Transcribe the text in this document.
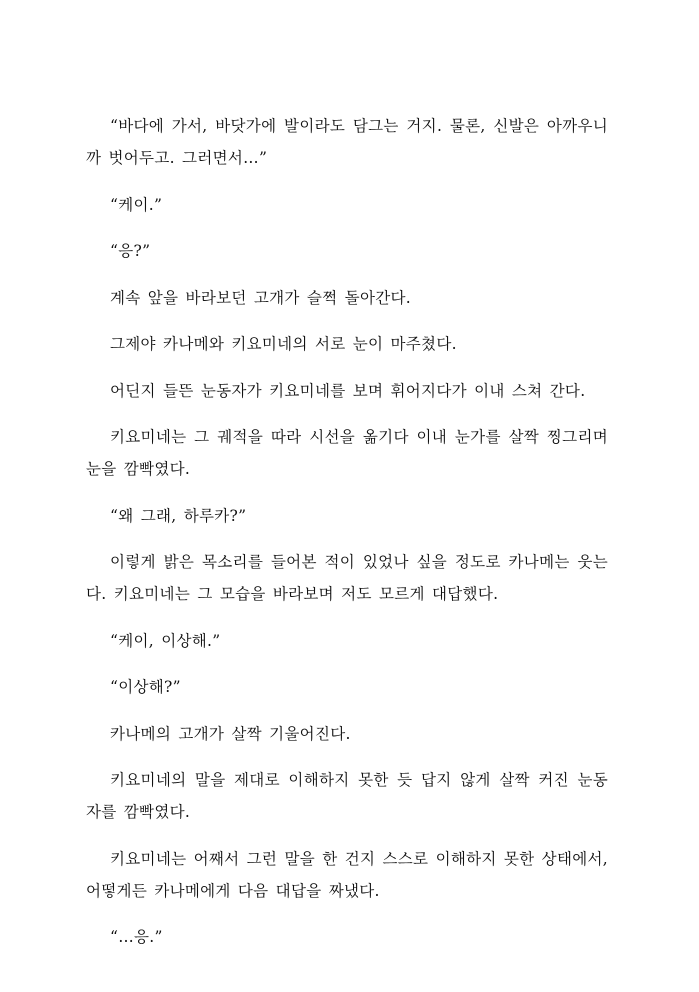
“바다에 가서, 바닷가에 발이라도 담그는 거지. 물론, 신발은 아까우니까 벗어두고. 그러면서…”

“케이.”

“응?”

계속 앞을 바라보던 고개가 슬쩍 돌아간다.

그제야 카나메와 키요미네의 서로 눈이 마주쳤다.

어딘지 들뜬 눈동자가 키요미네를 보며 휘어지다가 이내 스쳐 간다.

키요미네는 그 궤적을 따라 시선을 옮기다 이내 눈가를 살짝 찡그리며 눈을 깜빡였다.

“왜 그래, 하루카?”

이렇게 밝은 목소리를 들어본 적이 있었나 싶을 정도로 카나메는 웃는다. 키요미네는 그 모습을 바라보며 저도 모르게 대답했다.

“케이, 이상해.”

“이상해?”

카나메의 고개가 살짝 기울어진다.

키요미네의 말을 제대로 이해하지 못한 듯 답지 않게 살짝 커진 눈동자를 깜빡였다.

키요미네는 어째서 그런 말을 한 건지 스스로 이해하지 못한 상태에서, 어떻게든 카나메에게 다음 대답을 짜냈다.

“…응.”
